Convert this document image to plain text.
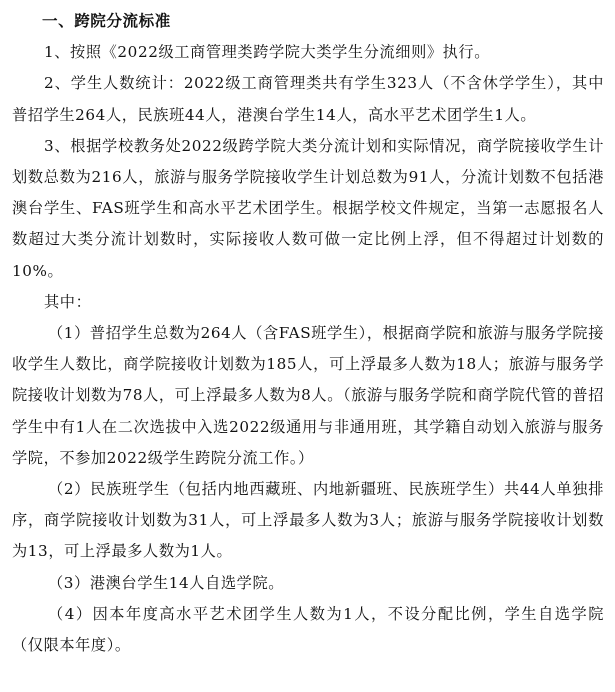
一、跨院分流标准

1、按照《2022级工商管理类跨学院大类学生分流细则》执行。

2、学生人数统计：2022级工商管理类共有学生323人（不含休学学生），其中普招学生264人，民族班44人，港澳台学生14人，高水平艺术团学生1人。

3、根据学校教务处2022级跨学院大类分流计划和实际情况，商学院接收学生计划数总数为216人，旅游与服务学院接收学生计划总数为91人，分流计划数不包括港澳台学生、FAS班学生和高水平艺术团学生。根据学校文件规定，当第一志愿报名人数超过大类分流计划数时，实际接收人数可做一定比例上浮，但不得超过计划数的10%。

其中：

（1）普招学生总数为264人（含FAS班学生），根据商学院和旅游与服务学院接收学生人数比，商学院接收计划数为185人，可上浮最多人数为18人；旅游与服务学院接收计划数为78人，可上浮最多人数为8人。（旅游与服务学院和商学院代管的普招学生中有1人在二次选拔中入选2022级通用与非通用班，其学籍自动划入旅游与服务学院，不参加2022级学生跨院分流工作。）

（2）民族班学生（包括内地西藏班、内地新疆班、民族班学生）共44人单独排序，商学院接收计划数为31人，可上浮最多人数为3人；旅游与服务学院接收计划数为13，可上浮最多人数为1人。

（3）港澳台学生14人自选学院。

（4）因本年度高水平艺术团学生人数为1人，不设分配比例，学生自选学院（仅限本年度）。
